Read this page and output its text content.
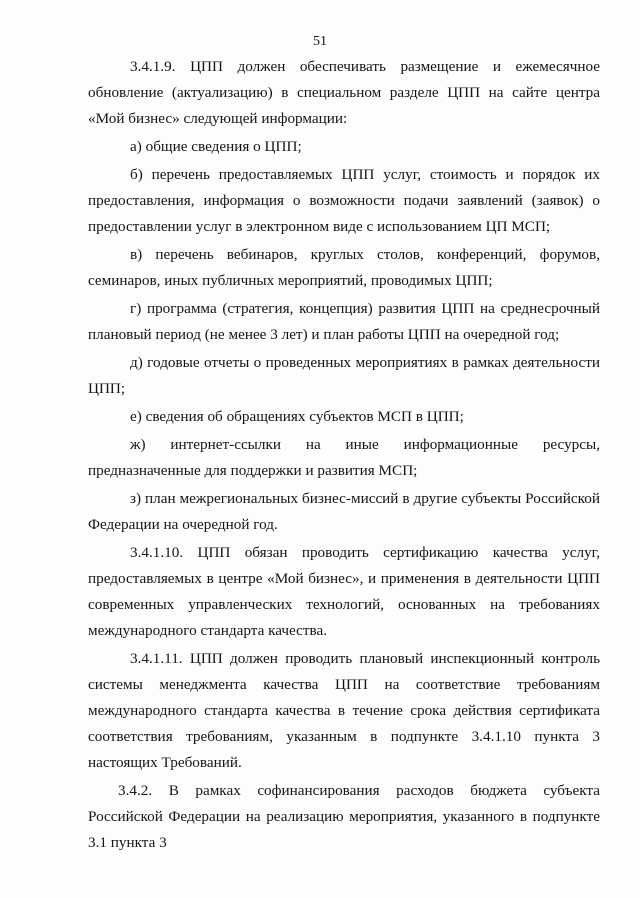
51

3.4.1.9. ЦПП должен обеспечивать размещение и ежемесячное обновление (актуализацию) в специальном разделе ЦПП на сайте центра «Мой бизнес» следующей информации:

а) общие сведения о ЦПП;

б) перечень предоставляемых ЦПП услуг, стоимость и порядок их предоставления, информация о возможности подачи заявлений (заявок) о предоставлении услуг в электронном виде с использованием ЦП МСП;

в) перечень вебинаров, круглых столов, конференций, форумов, семинаров, иных публичных мероприятий, проводимых ЦПП;

г) программа (стратегия, концепция) развития ЦПП на среднесрочный плановый период (не менее 3 лет) и план работы ЦПП на очередной год;

д) годовые отчеты о проведенных мероприятиях в рамках деятельности ЦПП;

е) сведения об обращениях субъектов МСП в ЦПП;

ж) интернет-ссылки на иные информационные ресурсы, предназначенные для поддержки и развития МСП;

з) план межрегиональных бизнес-миссий в другие субъекты Российской Федерации на очередной год.

3.4.1.10. ЦПП обязан проводить сертификацию качества услуг, предоставляемых в центре «Мой бизнес», и применения в деятельности ЦПП современных управленческих технологий, основанных на требованиях международного стандарта качества.

3.4.1.11. ЦПП должен проводить плановый инспекционный контроль системы менеджмента качества ЦПП на соответствие требованиям международного стандарта качества в течение срока действия сертификата соответствия требованиям, указанным в подпункте 3.4.1.10 пункта 3 настоящих Требований.

3.4.2. В рамках софинансирования расходов бюджета субъекта Российской Федерации на реализацию мероприятия, указанного в подпункте 3.1 пункта 3
